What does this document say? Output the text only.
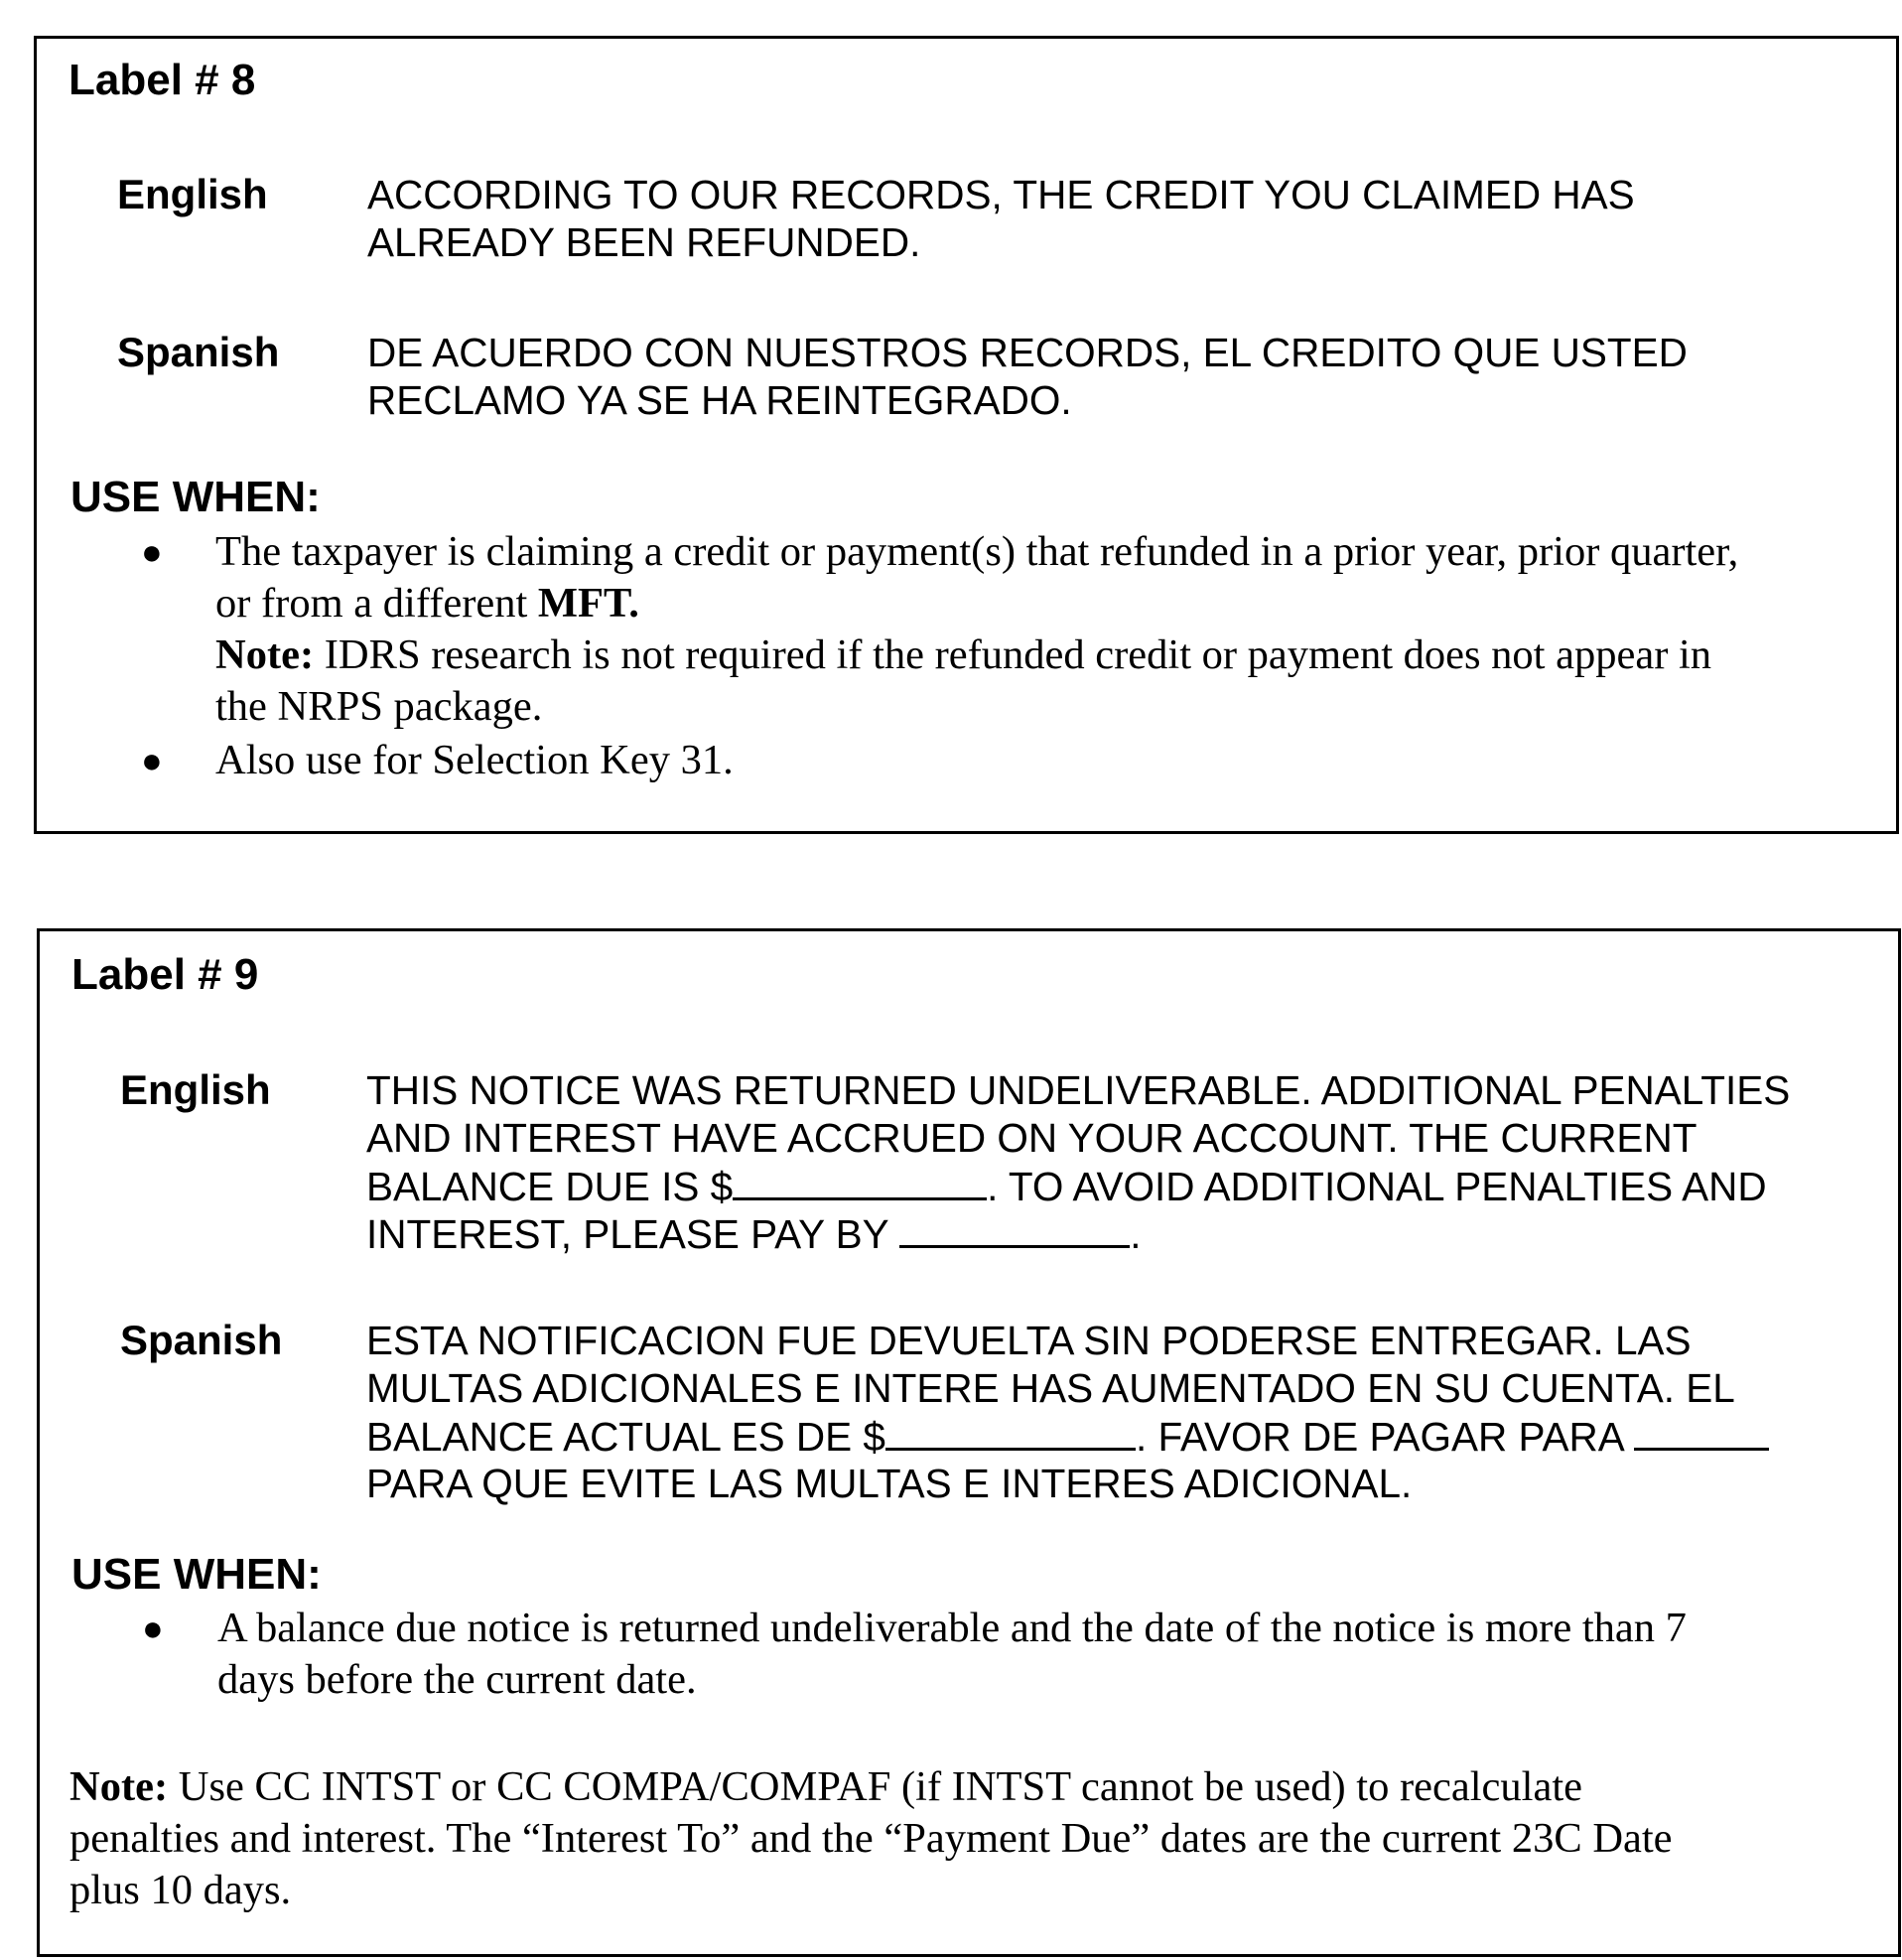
Label # 8
English ACCORDING TO OUR RECORDS, THE CREDIT YOU CLAIMED HAS
ALREADY BEEN REFUNDED.
Spanish DE ACUERDO CON NUESTROS RECORDS, EL CREDITO QUE USTED
RECLAMO YA SE HA REINTEGRADO.
USE WHEN:
● The taxpayer is claiming a credit or payment(s) that refunded in a prior year, prior quarter,
or from a different MFT.
Note: IDRS research is not required if the refunded credit or payment does not appear in
the NRPS package.
● Also use for Selection Key 31.
Label # 9
English THIS NOTICE WAS RETURNED UNDELIVERABLE. ADDITIONAL PENALTIES
AND INTEREST HAVE ACCRUED ON YOUR ACCOUNT. THE CURRENT
BALANCE DUE IS $	. TO AVOID ADDITIONAL PENALTIES AND
INTEREST, PLEASE PAY BY	.
Spanish ESTA NOTIFICACION FUE DEVUELTA SIN PODERSE ENTREGAR. LAS
MULTAS ADICIONALES E INTERE HAS AUMENTADO EN SU CUENTA. EL
BALANCE ACTUAL ES DE $	. FAVOR DE PAGAR PARA
PARA QUE EVITE LAS MULTAS E INTERES ADICIONAL.
USE WHEN:
● A balance due notice is returned undeliverable and the date of the notice is more than 7
days before the current date.
Note: Use CC INTST or CC COMPA/COMPAF (if INTST cannot be used) to recalculate
penalties and interest. The “Interest To” and the “Payment Due” dates are the current 23C Date
plus 10 days.
